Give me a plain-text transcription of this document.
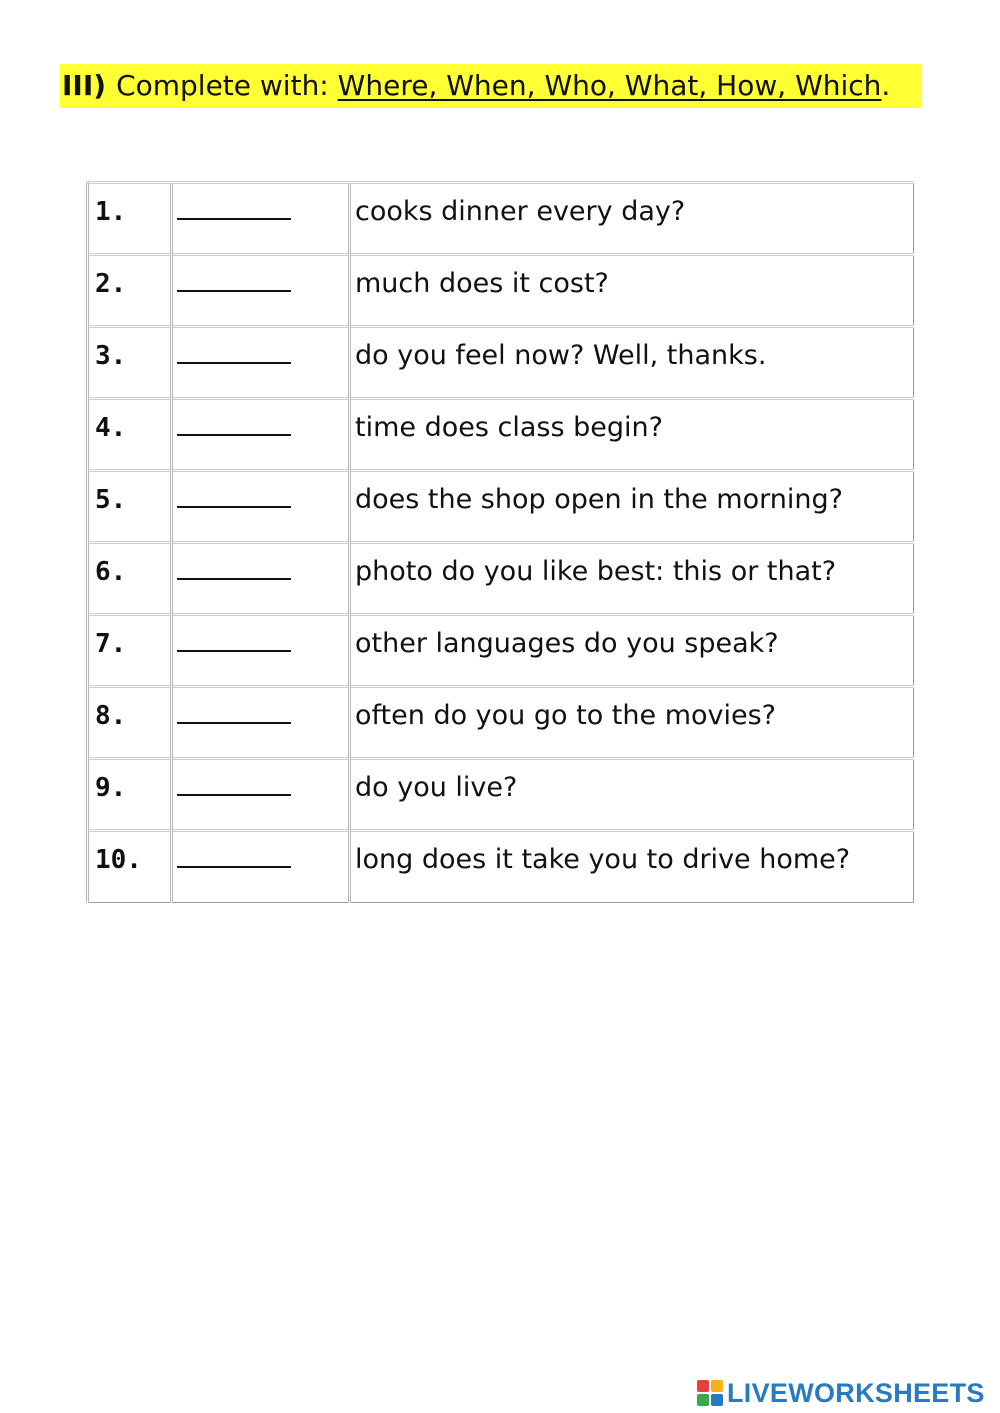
III) Complete with: Where, When, Who, What, How, Which.
1.		cooks dinner every day?
2.		much does it cost?
3.		do you feel now? Well, thanks.
4.		time does class begin?
5.		does the shop open in the morning?
6.		photo do you like best: this or that?
7.		other languages do you speak?
8.		often do you go to the movies?
9.		do you live?
10.		long does it take you to drive home?
LIVEWORKSHEETS
